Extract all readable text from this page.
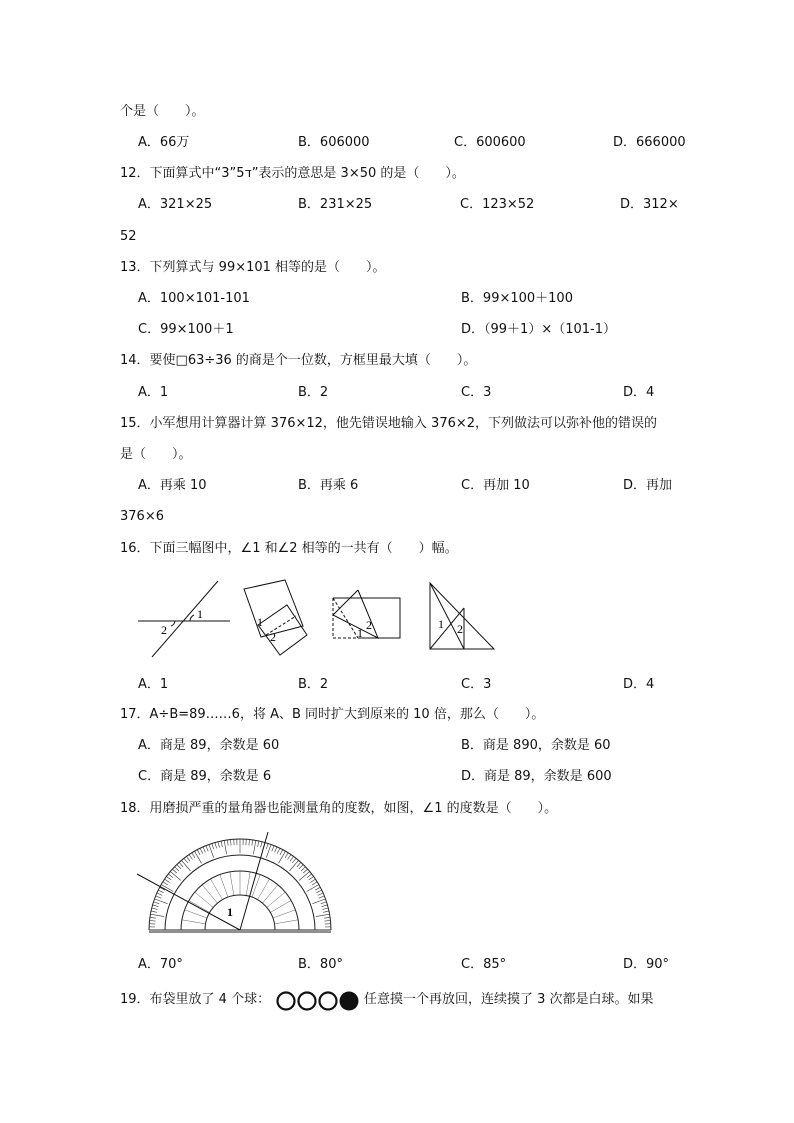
个是（　　）。
A．66万	B．606000	C．600600	D．666000
12．下面算式中“3”ד5”表示的意思是 3×50 的是（　　）。
A．321×25	B．231×25	C．123×52	D．312×
52
13．下列算式与 99×101 相等的是（　　）。
A．100×101-101	B．99×100＋100
C．99×100＋1	D．（99＋1）×（101-1）
14．要使□63÷36 的商是个一位数，方框里最大填（　　）。
A．1	B．2	C．3	D．4
15．小军想用计算器计算 376×12，他先错误地输入 376×2，下列做法可以弥补他的错误的
是（　　）。
A．再乘 10	B．再乘 6	C．再加 10	D．再加
376×6
16．下面三幅图中，∠1 和∠2 相等的一共有（　　）幅。
1
2
1
2
2
1
1 2
A．1	B．2	C．3	D．4
17．A÷B=89……6，将 A、B 同时扩大到原来的 10 倍，那么（　　）。
A．商是 89，余数是 60	B．商是 890，余数是 60
C．商是 89，余数是 6	D．商是 89，余数是 600
18．用磨损严重的量角器也能测量角的度数，如图，∠1 的度数是（　　）。
1
A．70°	B．80°	C．85°	D．90°
19．布袋里放了 4 个球：	任意摸一个再放回，连续摸了 3 次都是白球。如果
